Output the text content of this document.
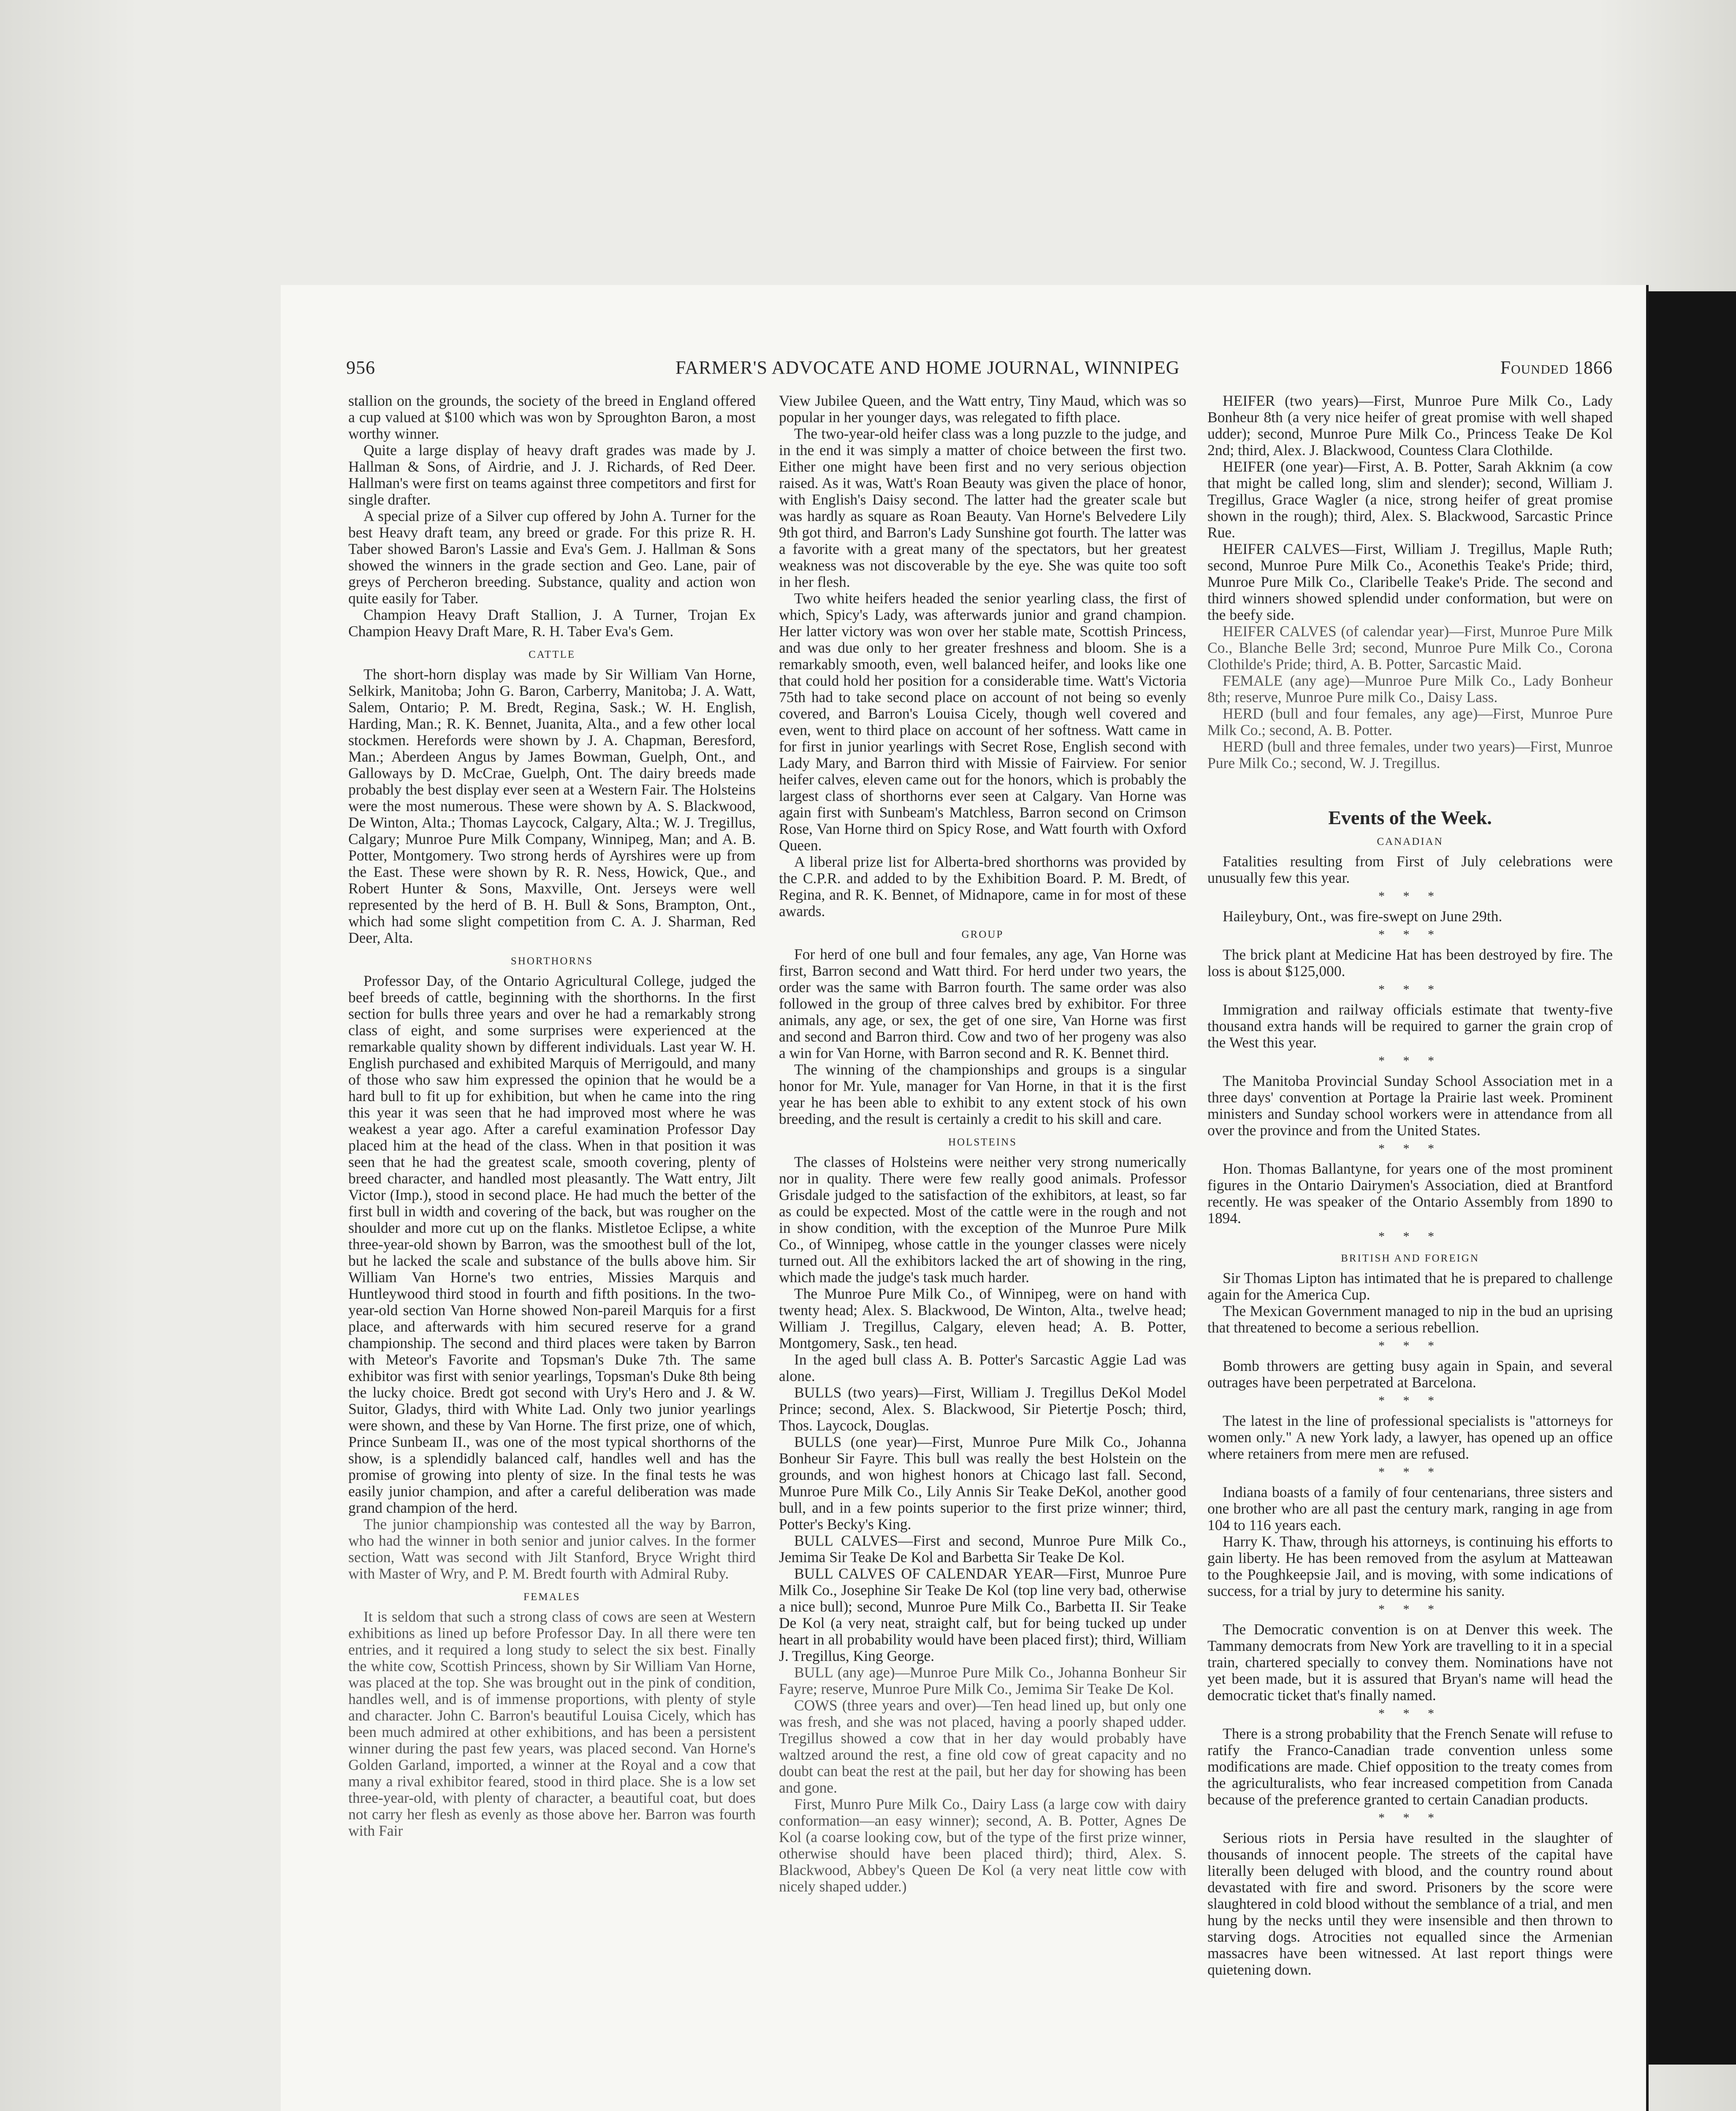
956	FARMER'S ADVOCATE AND HOME JOURNAL, WINNIPEG	Founded 1866

stallion on the grounds, the society of the breed in England offered a cup valued at $100 which was won by Sproughton Baron, a most worthy winner.

Quite a large display of heavy draft grades was made by J. Hallman & Sons, of Airdrie, and J. J. Richards, of Red Deer. Hallman's were first on teams against three competitors and first for single drafter.

A special prize of a Silver cup offered by John A. Turner for the best Heavy draft team, any breed or grade. For this prize R. H. Taber showed Baron's Lassie and Eva's Gem. J. Hallman & Sons showed the winners in the grade section and Geo. Lane, pair of greys of Percheron breeding. Substance, quality and action won quite easily for Taber.

Champion Heavy Draft Stallion, J. A Turner, Trojan Ex Champion Heavy Draft Mare, R. H. Taber Eva's Gem.

CATTLE

The short-horn display was made by Sir William Van Horne, Selkirk, Manitoba; John G. Baron, Carberry, Manitoba; J. A. Watt, Salem, Ontario; P. M. Bredt, Regina, Sask.; W. H. English, Harding, Man.; R. K. Bennet, Juanita, Alta., and a few other local stockmen. Herefords were shown by J. A. Chapman, Beresford, Man.; Aberdeen Angus by James Bowman, Guelph, Ont., and Galloways by D. McCrae, Guelph, Ont. The dairy breeds made probably the best display ever seen at a Western Fair. The Holsteins were the most numerous. These were shown by A. S. Blackwood, De Winton, Alta.; Thomas Laycock, Calgary, Alta.; W. J. Tregillus, Calgary; Munroe Pure Milk Company, Winnipeg, Man; and A. B. Potter, Montgomery. Two strong herds of Ayrshires were up from the East. These were shown by R. R. Ness, Howick, Que., and Robert Hunter & Sons, Maxville, Ont. Jerseys were well represented by the herd of B. H. Bull & Sons, Brampton, Ont., which had some slight competition from C. A. J. Sharman, Red Deer, Alta.

SHORTHORNS

Professor Day, of the Ontario Agricultural College, judged the beef breeds of cattle, beginning with the shorthorns. In the first section for bulls three years and over he had a remarkably strong class of eight, and some surprises were experienced at the remarkable quality shown by different individuals. Last year W. H. English purchased and exhibited Marquis of Merrigould, and many of those who saw him expressed the opinion that he would be a hard bull to fit up for exhibition, but when he came into the ring this year it was seen that he had improved most where he was weakest a year ago. After a careful examination Professor Day placed him at the head of the class. When in that position it was seen that he had the greatest scale, smooth covering, plenty of breed character, and handled most pleasantly. The Watt entry, Jilt Victor (Imp.), stood in second place. He had much the better of the first bull in width and covering of the back, but was rougher on the shoulder and more cut up on the flanks. Mistletoe Eclipse, a white three-year-old shown by Barron, was the smoothest bull of the lot, but he lacked the scale and substance of the bulls above him. Sir William Van Horne's two entries, Missies Marquis and Huntleywood third stood in fourth and fifth positions. In the two-year-old section Van Horne showed Non-pareil Marquis for a first place, and afterwards with him secured reserve for a grand championship. The second and third places were taken by Barron with Meteor's Favorite and Topsman's Duke 7th. The same exhibitor was first with senior yearlings, Topsman's Duke 8th being the lucky choice. Bredt got second with Ury's Hero and J. & W. Suitor, Gladys, third with White Lad. Only two junior yearlings were shown, and these by Van Horne. The first prize, one of which, Prince Sunbeam II., was one of the most typical shorthorns of the show, is a splendidly balanced calf, handles well and has the promise of growing into plenty of size. In the final tests he was easily junior champion, and after a careful deliberation was made grand champion of the herd.

The junior championship was contested all the way by Barron, who had the winner in both senior and junior calves. In the former section, Watt was second with Jilt Stanford, Bryce Wright third with Master of Wry, and P. M. Bredt fourth with Admiral Ruby.

FEMALES

It is seldom that such a strong class of cows are seen at Western exhibitions as lined up before Professor Day. In all there were ten entries, and it required a long study to select the six best. Finally the white cow, Scottish Princess, shown by Sir William Van Horne, was placed at the top. She was brought out in the pink of condition, handles well, and is of immense proportions, with plenty of style and character. John C. Barron's beautiful Louisa Cicely, which has been much admired at other exhibitions, and has been a persistent winner during the past few years, was placed second. Van Horne's Golden Garland, imported, a winner at the Royal and a cow that many a rival exhibitor feared, stood in third place. She is a low set three-year-old, with plenty of character, a beautiful coat, but does not carry her flesh as evenly as those above her. Barron was fourth with Fair

View Jubilee Queen, and the Watt entry, Tiny Maud, which was so popular in her younger days, was relegated to fifth place.

The two-year-old heifer class was a long puzzle to the judge, and in the end it was simply a matter of choice between the first two. Either one might have been first and no very serious objection raised. As it was, Watt's Roan Beauty was given the place of honor, with English's Daisy second. The latter had the greater scale but was hardly as square as Roan Beauty. Van Horne's Belvedere Lily 9th got third, and Barron's Lady Sunshine got fourth. The latter was a favorite with a great many of the spectators, but her greatest weakness was not discoverable by the eye. She was quite too soft in her flesh.

Two white heifers headed the senior yearling class, the first of which, Spicy's Lady, was afterwards junior and grand champion. Her latter victory was won over her stable mate, Scottish Princess, and was due only to her greater freshness and bloom. She is a remarkably smooth, even, well balanced heifer, and looks like one that could hold her position for a considerable time. Watt's Victoria 75th had to take second place on account of not being so evenly covered, and Barron's Louisa Cicely, though well covered and even, went to third place on account of her softness. Watt came in for first in junior yearlings with Secret Rose, English second with Lady Mary, and Barron third with Missie of Fairview. For senior heifer calves, eleven came out for the honors, which is probably the largest class of shorthorns ever seen at Calgary. Van Horne was again first with Sunbeam's Matchless, Barron second on Crimson Rose, Van Horne third on Spicy Rose, and Watt fourth with Oxford Queen.

A liberal prize list for Alberta-bred shorthorns was provided by the C.P.R. and added to by the Exhibition Board. P. M. Bredt, of Regina, and R. K. Bennet, of Midnapore, came in for most of these awards.

GROUP

For herd of one bull and four females, any age, Van Horne was first, Barron second and Watt third. For herd under two years, the order was the same with Barron fourth. The same order was also followed in the group of three calves bred by exhibitor. For three animals, any age, or sex, the get of one sire, Van Horne was first and second and Barron third. Cow and two of her progeny was also a win for Van Horne, with Barron second and R. K. Bennet third.

The winning of the championships and groups is a singular honor for Mr. Yule, manager for Van Horne, in that it is the first year he has been able to exhibit to any extent stock of his own breeding, and the result is certainly a credit to his skill and care.

HOLSTEINS

The classes of Holsteins were neither very strong numerically nor in quality. There were few really good animals. Professor Grisdale judged to the satisfaction of the exhibitors, at least, so far as could be expected. Most of the cattle were in the rough and not in show condition, with the exception of the Munroe Pure Milk Co., of Winnipeg, whose cattle in the younger classes were nicely turned out. All the exhibitors lacked the art of showing in the ring, which made the judge's task much harder.

The Munroe Pure Milk Co., of Winnipeg, were on hand with twenty head; Alex. S. Blackwood, De Winton, Alta., twelve head; William J. Tregillus, Calgary, eleven head; A. B. Potter, Montgomery, Sask., ten head.

In the aged bull class A. B. Potter's Sarcastic Aggie Lad was alone.

BULLS (two years)—First, William J. Tregillus DeKol Model Prince; second, Alex. S. Blackwood, Sir Pietertje Posch; third, Thos. Laycock, Douglas.

BULLS (one year)—First, Munroe Pure Milk Co., Johanna Bonheur Sir Fayre. This bull was really the best Holstein on the grounds, and won highest honors at Chicago last fall. Second, Munroe Pure Milk Co., Lily Annis Sir Teake DeKol, another good bull, and in a few points superior to the first prize winner; third, Potter's Becky's King.

BULL CALVES—First and second, Munroe Pure Milk Co., Jemima Sir Teake De Kol and Barbetta Sir Teake De Kol.

BULL CALVES OF CALENDAR YEAR—First, Munroe Pure Milk Co., Josephine Sir Teake De Kol (top line very bad, otherwise a nice bull); second, Munroe Pure Milk Co., Barbetta II. Sir Teake De Kol (a very neat, straight calf, but for being tucked up under heart in all probability would have been placed first); third, William J. Tregillus, King George.

BULL (any age)—Munroe Pure Milk Co., Johanna Bonheur Sir Fayre; reserve, Munroe Pure Milk Co., Jemima Sir Teake De Kol.

COWS (three years and over)—Ten head lined up, but only one was fresh, and she was not placed, having a poorly shaped udder. Tregillus showed a cow that in her day would probably have waltzed around the rest, a fine old cow of great capacity and no doubt can beat the rest at the pail, but her day for showing has been and gone.

First, Munro Pure Milk Co., Dairy Lass (a large cow with dairy conformation—an easy winner); second, A. B. Potter, Agnes De Kol (a coarse looking cow, but of the type of the first prize winner, otherwise should have been placed third); third, Alex. S. Blackwood, Abbey's Queen De Kol (a very neat little cow with nicely shaped udder.)

HEIFER (two years)—First, Munroe Pure Milk Co., Lady Bonheur 8th (a very nice heifer of great promise with well shaped udder); second, Munroe Pure Milk Co., Princess Teake De Kol 2nd; third, Alex. J. Blackwood, Countess Clara Clothilde.

HEIFER (one year)—First, A. B. Potter, Sarah Akknim (a cow that might be called long, slim and slender); second, William J. Tregillus, Grace Wagler (a nice, strong heifer of great promise shown in the rough); third, Alex. S. Blackwood, Sarcastic Prince Rue.

HEIFER CALVES—First, William J. Tregillus, Maple Ruth; second, Munroe Pure Milk Co., Aconethis Teake's Pride; third, Munroe Pure Milk Co., Claribelle Teake's Pride. The second and third winners showed splendid under conformation, but were on the beefy side.

HEIFER CALVES (of calendar year)—First, Munroe Pure Milk Co., Blanche Belle 3rd; second, Munroe Pure Milk Co., Corona Clothilde's Pride; third, A. B. Potter, Sarcastic Maid.

FEMALE (any age)—Munroe Pure Milk Co., Lady Bonheur 8th; reserve, Munroe Pure milk Co., Daisy Lass.

HERD (bull and four females, any age)—First, Munroe Pure Milk Co.; second, A. B. Potter.

HERD (bull and three females, under two years)—First, Munroe Pure Milk Co.; second, W. J. Tregillus.

Events of the Week.
CANADIAN

Fatalities resulting from First of July celebrations were unusually few this year.

* * *

Haileybury, Ont., was fire-swept on June 29th.

* * *

The brick plant at Medicine Hat has been destroyed by fire. The loss is about $125,000.

* * *

Immigration and railway officials estimate that twenty-five thousand extra hands will be required to garner the grain crop of the West this year.

* * *

The Manitoba Provincial Sunday School Association met in a three days' convention at Portage la Prairie last week. Prominent ministers and Sunday school workers were in attendance from all over the province and from the United States.

* * *

Hon. Thomas Ballantyne, for years one of the most prominent figures in the Ontario Dairymen's Association, died at Brantford recently. He was speaker of the Ontario Assembly from 1890 to 1894.

* * *
BRITISH AND FOREIGN

Sir Thomas Lipton has intimated that he is prepared to challenge again for the America Cup.

The Mexican Government managed to nip in the bud an uprising that threatened to become a serious rebellion.

* * *

Bomb throwers are getting busy again in Spain, and several outrages have been perpetrated at Barcelona.

* * *

The latest in the line of professional specialists is "attorneys for women only." A new York lady, a lawyer, has opened up an office where retainers from mere men are refused.

* * *

Indiana boasts of a family of four centenarians, three sisters and one brother who are all past the century mark, ranging in age from 104 to 116 years each.

Harry K. Thaw, through his attorneys, is continuing his efforts to gain liberty. He has been removed from the asylum at Matteawan to the Poughkeepsie Jail, and is moving, with some indications of success, for a trial by jury to determine his sanity.

* * *

The Democratic convention is on at Denver this week. The Tammany democrats from New York are travelling to it in a special train, chartered specially to convey them. Nominations have not yet been made, but it is assured that Bryan's name will head the democratic ticket that's finally named.

* * *

There is a strong probability that the French Senate will refuse to ratify the Franco-Canadian trade convention unless some modifications are made. Chief opposition to the treaty comes from the agriculturalists, who fear increased competition from Canada because of the preference granted to certain Canadian products.

* * *

Serious riots in Persia have resulted in the slaughter of thousands of innocent people. The streets of the capital have literally been deluged with blood, and the country round about devastated with fire and sword. Prisoners by the score were slaughtered in cold blood without the semblance of a trial, and men hung by the necks until they were insensible and then thrown to starving dogs. Atrocities not equalled since the Armenian massacres have been witnessed. At last report things were quietening down.
